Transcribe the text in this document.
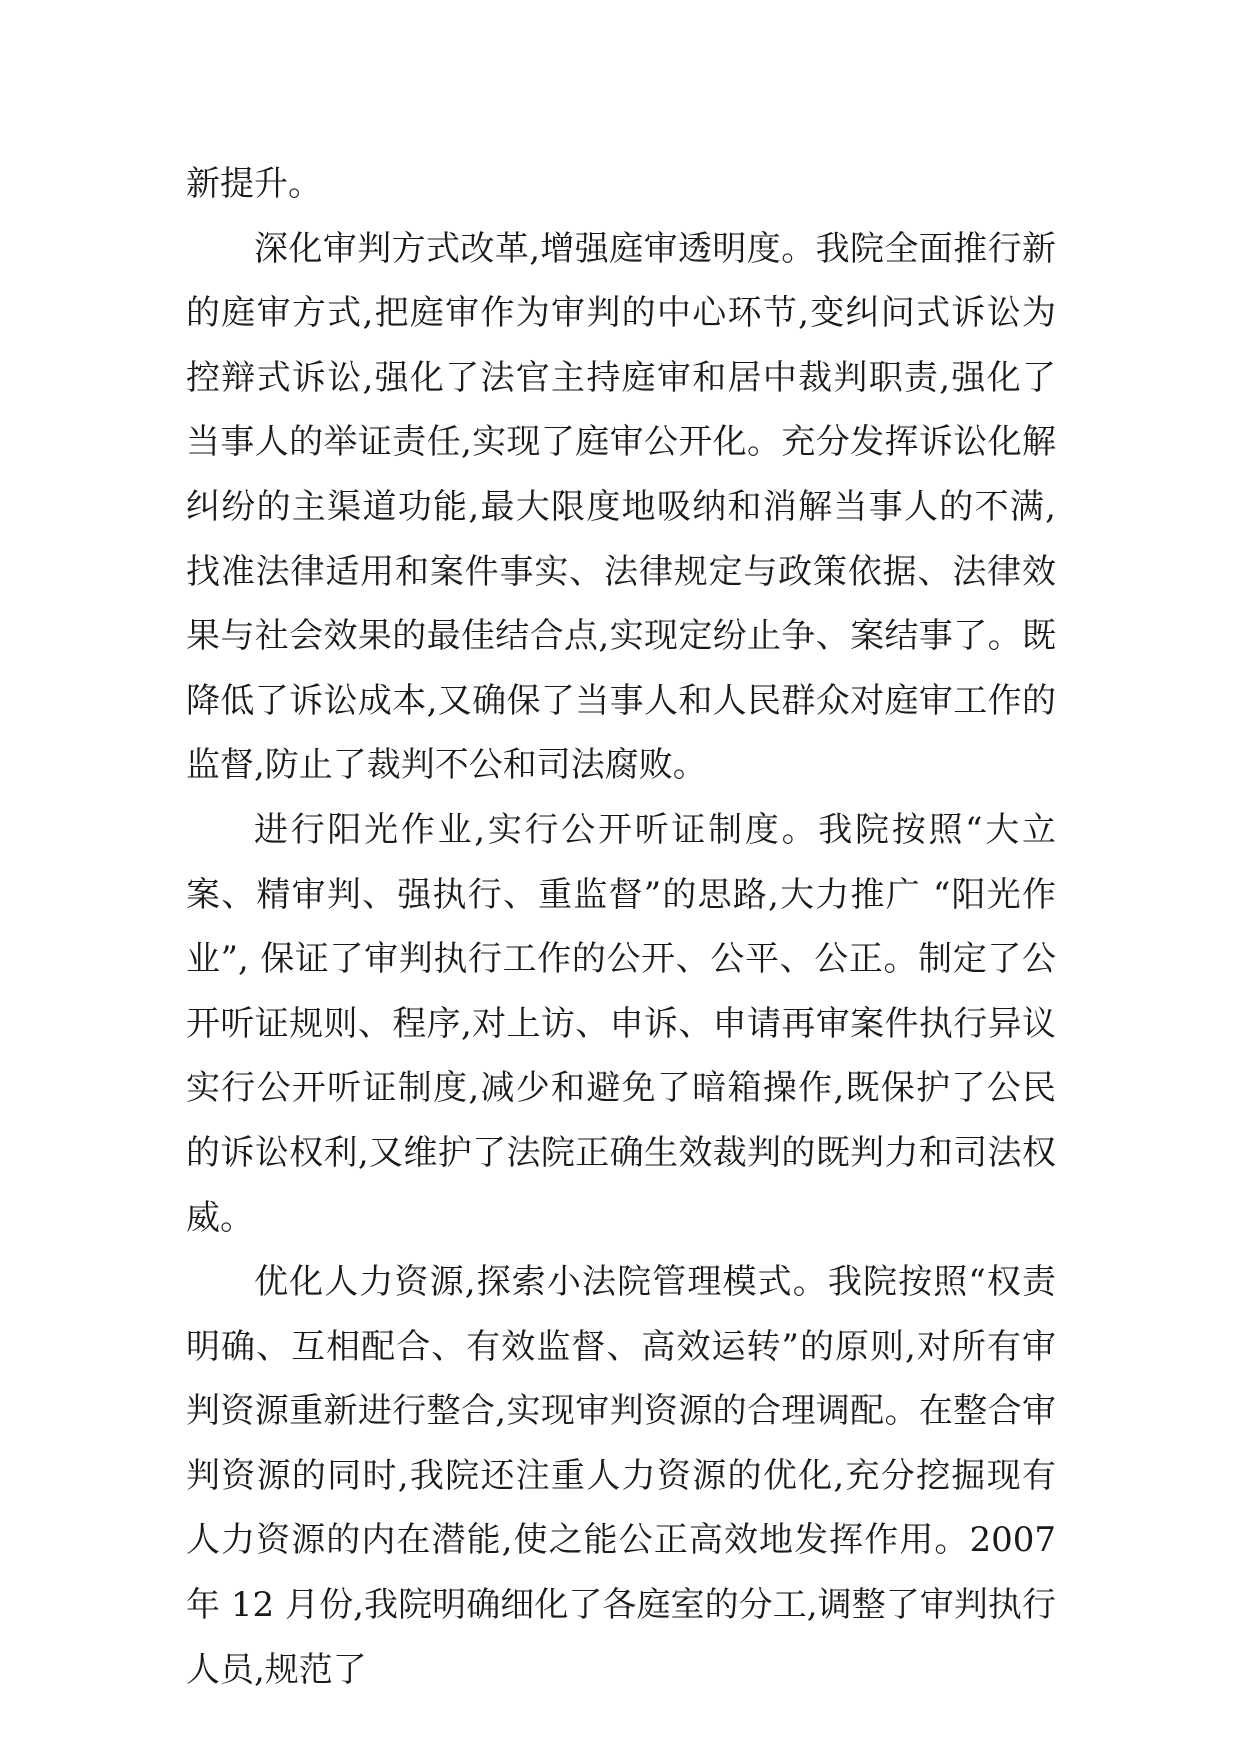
新提升。

深化审判方式改革,增强庭审透明度。我院全面推行新的庭审方式,把庭审作为审判的中心环节,变纠问式诉讼为控辩式诉讼,强化了法官主持庭审和居中裁判职责,强化了当事人的举证责任,实现了庭审公开化。充分发挥诉讼化解纠纷的主渠道功能,最大限度地吸纳和消解当事人的不满,找准法律适用和案件事实、法律规定与政策依据、法律效果与社会效果的最佳结合点,实现定纷止争、案结事了。既降低了诉讼成本,又确保了当事人和人民群众对庭审工作的监督,防止了裁判不公和司法腐败。

进行阳光作业,实行公开听证制度。我院按照“大立案、精审判、强执行、重监督”的思路,大力推广 “阳光作业”, 保证了审判执行工作的公开、公平、公正。制定了公开听证规则、程序,对上访、申诉、申请再审案件执行异议实行公开听证制度,减少和避免了暗箱操作,既保护了公民的诉讼权利,又维护了法院正确生效裁判的既判力和司法权威。

优化人力资源,探索小法院管理模式。我院按照“权责明确、互相配合、有效监督、高效运转”的原则,对所有审判资源重新进行整合,实现审判资源的合理调配。在整合审判资源的同时,我院还注重人力资源的优化,充分挖掘现有人力资源的内在潜能,使之能公正高效地发挥作用。2007 年 12 月份,我院明确细化了各庭室的分工,调整了审判执行人员,规范了
